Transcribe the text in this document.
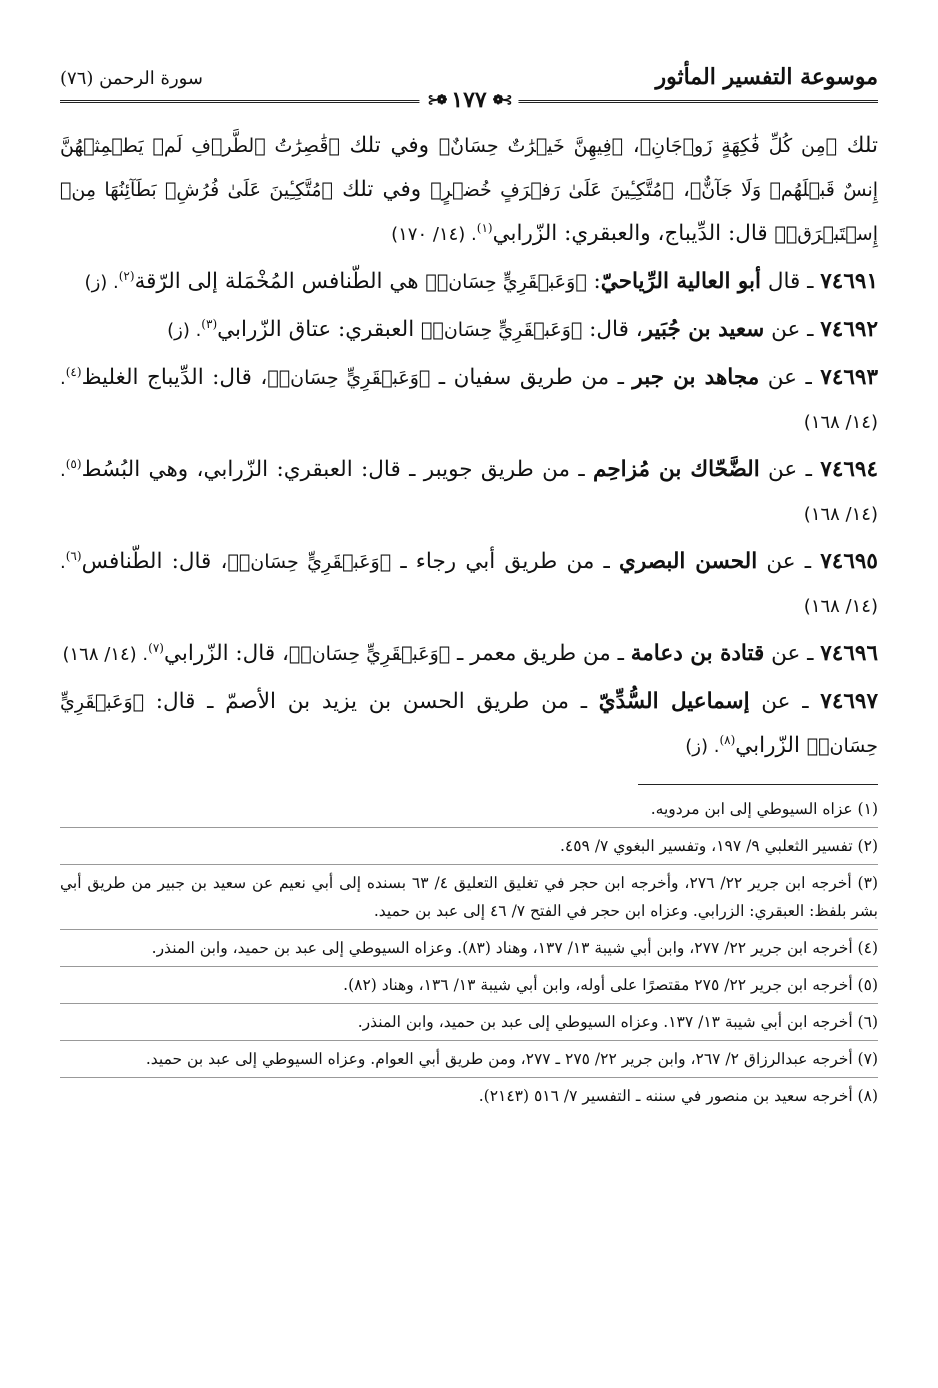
موسوعة التفسير المأثور
سورة الرحمن (٧٦)
⊱❁
١٧٧
❁⊰

تلك ﴿مِن كُلِّ فَٰكِهَةٍ زَوۡجَانِ﴾، ﴿فِيهِنَّ خَيۡرَٰتٌ حِسَانٌ﴾ وفي تلك ﴿قَٰصِرَٰتُ ٱلطَّرۡفِ لَمۡ يَطۡمِثۡهُنَّ إِنسٌ قَبۡلَهُمۡ وَلَا جَآنٌّ﴾، ﴿مُتَّكِـِٔينَ عَلَىٰ رَفۡرَفٍ خُضۡرٍ﴾ وفي تلك ﴿مُتَّكِـِٔينَ عَلَىٰ فُرُشِۭ بَطَآئِنُهَا مِنۡ إِسۡتَبۡرَقٖ﴾ قال: الدِّيباج، والعبقري: الزّرابي$^{(١)}$. (١٤/ ١٧٠)

٧٤٦٩١ ـ قال أبو العالية الرِّياحيّ: ﴿وَعَبۡقَرِيٍّ حِسَانٖ﴾ هي الطّنافس المُخْمَلة إلى الرّقة$^{(٢)}$. (ز)

٧٤٦٩٢ ـ عن سعيد بن جُبَير، قال: ﴿وَعَبۡقَرِيٍّ حِسَانٖ﴾ العبقري: عتاق الزّرابي$^{(٣)}$. (ز)

٧٤٦٩٣ ـ عن مجاهد بن جبر ـ من طريق سفيان ـ ﴿وَعَبۡقَرِيٍّ حِسَانٖ﴾، قال: الدِّيباج الغليظ$^{(٤)}$. (١٤/ ١٦٨)

٧٤٦٩٤ ـ عن الضَّحّاك بن مُزاحِم ـ من طريق جويبر ـ قال: العبقري: الزّرابي، وهي البُسُط$^{(٥)}$. (١٤/ ١٦٨)

٧٤٦٩٥ ـ عن الحسن البصري ـ من طريق أبي رجاء ـ ﴿وَعَبۡقَرِيٍّ حِسَانٖ﴾، قال: الطّنافس$^{(٦)}$. (١٤/ ١٦٨)

٧٤٦٩٦ ـ عن قتادة بن دعامة ـ من طريق معمر ـ ﴿وَعَبۡقَرِيٍّ حِسَانٖ﴾، قال: الزّرابي$^{(٧)}$. (١٤/ ١٦٨)

٧٤٦٩٧ ـ عن إسماعيل السُّدِّيّ ـ من طريق الحسن بن يزيد بن الأصمّ ـ قال: ﴿وَعَبۡقَرِيٍّ حِسَانٖ﴾ الزّرابي$^{(٨)}$. (ز)

(١) عزاه السيوطي إلى ابن مردويه.

(٢) تفسير الثعلبي ٩/ ١٩٧، وتفسير البغوي ٧/ ٤٥٩.

(٣) أخرجه ابن جرير ٢٢/ ٢٧٦، وأخرجه ابن حجر في تغليق التعليق ٤/ ٦٣ بسنده إلى أبي نعيم عن سعيد بن جبير من طريق أبي بشر بلفظ: العبقري: الزرابي. وعزاه ابن حجر في الفتح ٧/ ٤٦ إلى عبد بن حميد.

(٤) أخرجه ابن جرير ٢٢/ ٢٧٧، وابن أبي شيبة ١٣/ ١٣٧، وهناد (٨٣). وعزاه السيوطي إلى عبد بن حميد، وابن المنذر.

(٥) أخرجه ابن جرير ٢٢/ ٢٧٥ مقتصرًا على أوله، وابن أبي شيبة ١٣/ ١٣٦، وهناد (٨٢).

(٦) أخرجه ابن أبي شيبة ١٣/ ١٣٧. وعزاه السيوطي إلى عبد بن حميد، وابن المنذر.

(٧) أخرجه عبدالرزاق ٢/ ٢٦٧، وابن جرير ٢٢/ ٢٧٥ ـ ٢٧٧، ومن طريق أبي العوام. وعزاه السيوطي إلى عبد بن حميد.

(٨) أخرجه سعيد بن منصور في سننه ـ التفسير ٧/ ٥١٦ (٢١٤٣).
